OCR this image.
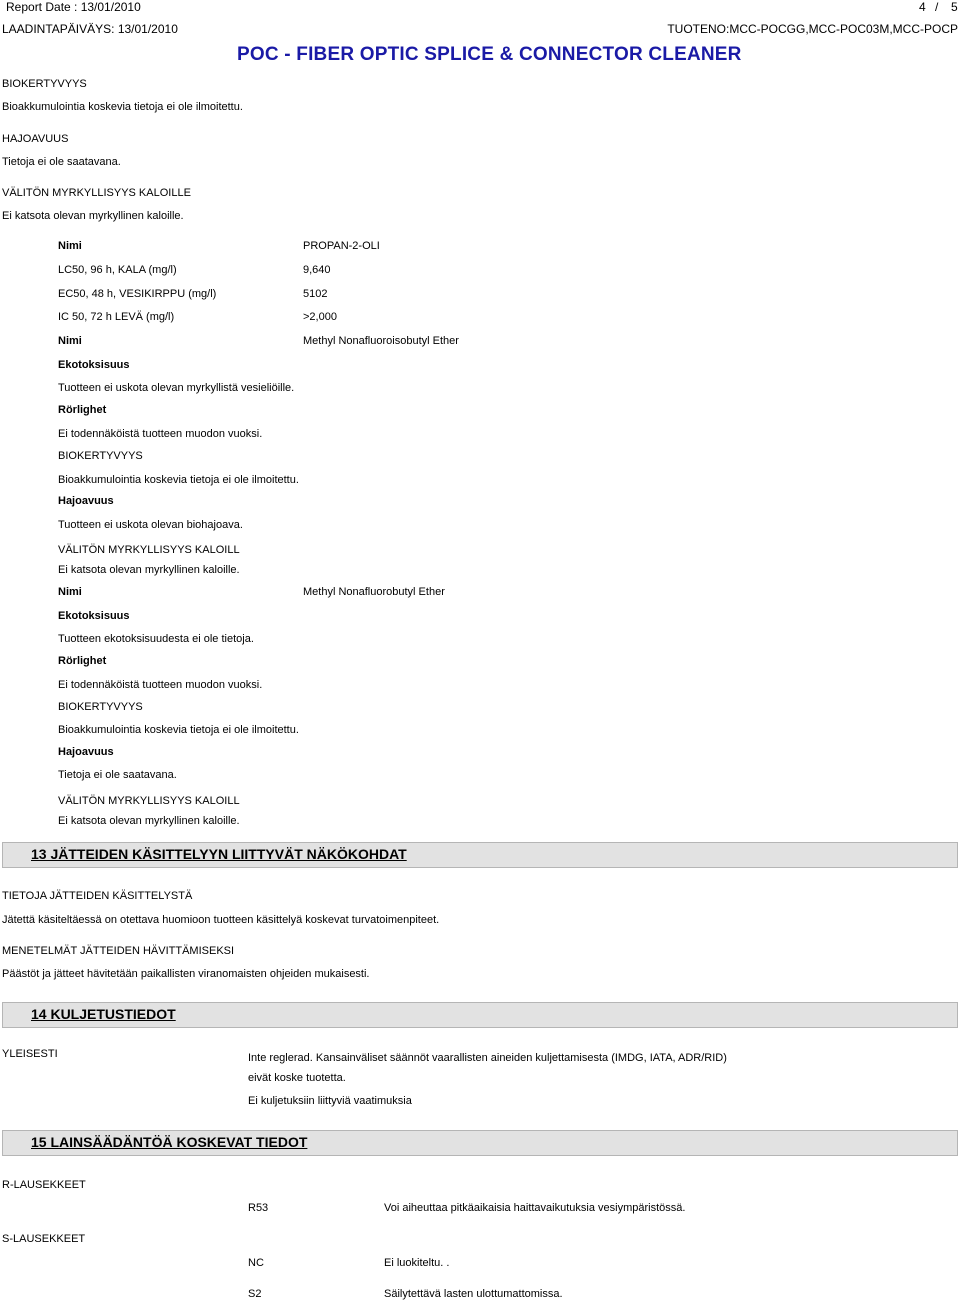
Report Date : 13/01/2010	4 / 5
LAADINTAPÄIVÄYS: 13/01/2010	TUOTENO:MCC-POCGG,MCC-POC03M,MCC-POCP
POC - FIBER OPTIC SPLICE & CONNECTOR CLEANER
BIOKERTYVYYS
Bioakkumulointia koskevia tietoja ei ole ilmoitettu.
HAJOAVUUS
Tietoja ei ole saatavana.
VÄLITÖN MYRKYLLISYYS KALOILLE
Ei katsota olevan myrkyllinen kaloille.
Nimi	PROPAN-2-OLI
LC50, 96 h, KALA (mg/l)	9,640
EC50, 48 h, VESIKIRPPU (mg/l)	5102
IC 50, 72 h LEVÄ (mg/l)	>2,000
Nimi	Methyl Nonafluoroisobutyl Ether
Ekotoksisuus
Tuotteen ei uskota olevan myrkyllistä vesieliöille.
Rörlighet
Ei todennäköistä tuotteen muodon vuoksi.
BIOKERTYVYYS
Bioakkumulointia koskevia tietoja ei ole ilmoitettu.
Hajoavuus
Tuotteen ei uskota olevan biohajoava.
VÄLITÖN MYRKYLLISYYS KALOILL
Ei katsota olevan myrkyllinen kaloille.
Nimi	Methyl Nonafluorobutyl Ether
Ekotoksisuus
Tuotteen ekotoksisuudesta ei ole tietoja.
Rörlighet
Ei todennäköistä tuotteen muodon vuoksi.
BIOKERTYVYYS
Bioakkumulointia koskevia tietoja ei ole ilmoitettu.
Hajoavuus
Tietoja ei ole saatavana.
VÄLITÖN MYRKYLLISYYS KALOILL
Ei katsota olevan myrkyllinen kaloille.
13 JÄTTEIDEN KÄSITTELYYN LIITTYVÄT NÄKÖKOHDAT
TIETOJA JÄTTEIDEN KÄSITTELYSTÄ
Jätettä käsiteltäessä on otettava huomioon tuotteen käsittelyä koskevat turvatoimenpiteet.
MENETELMÄT JÄTTEIDEN HÄVITTÄMISEKSI
Päästöt ja jätteet hävitetään paikallisten viranomaisten ohjeiden mukaisesti.
14 KULJETUSTIEDOT
YLEISESTI	Inte reglerad. Kansainväliset säännöt vaarallisten aineiden kuljettamisesta (IMDG, IATA, ADR/RID)
eivät koske tuotetta.
Ei kuljetuksiin liittyviä vaatimuksia
15 LAINSÄÄDÄNTÖÄ KOSKEVAT TIEDOT
R-LAUSEKKEET
R53	Voi aiheuttaa pitkäaikaisia haittavaikutuksia vesiympäristössä.
S-LAUSEKKEET
NC	Ei luokiteltu. .
S2	Säilytettävä lasten ulottumattomissa.
